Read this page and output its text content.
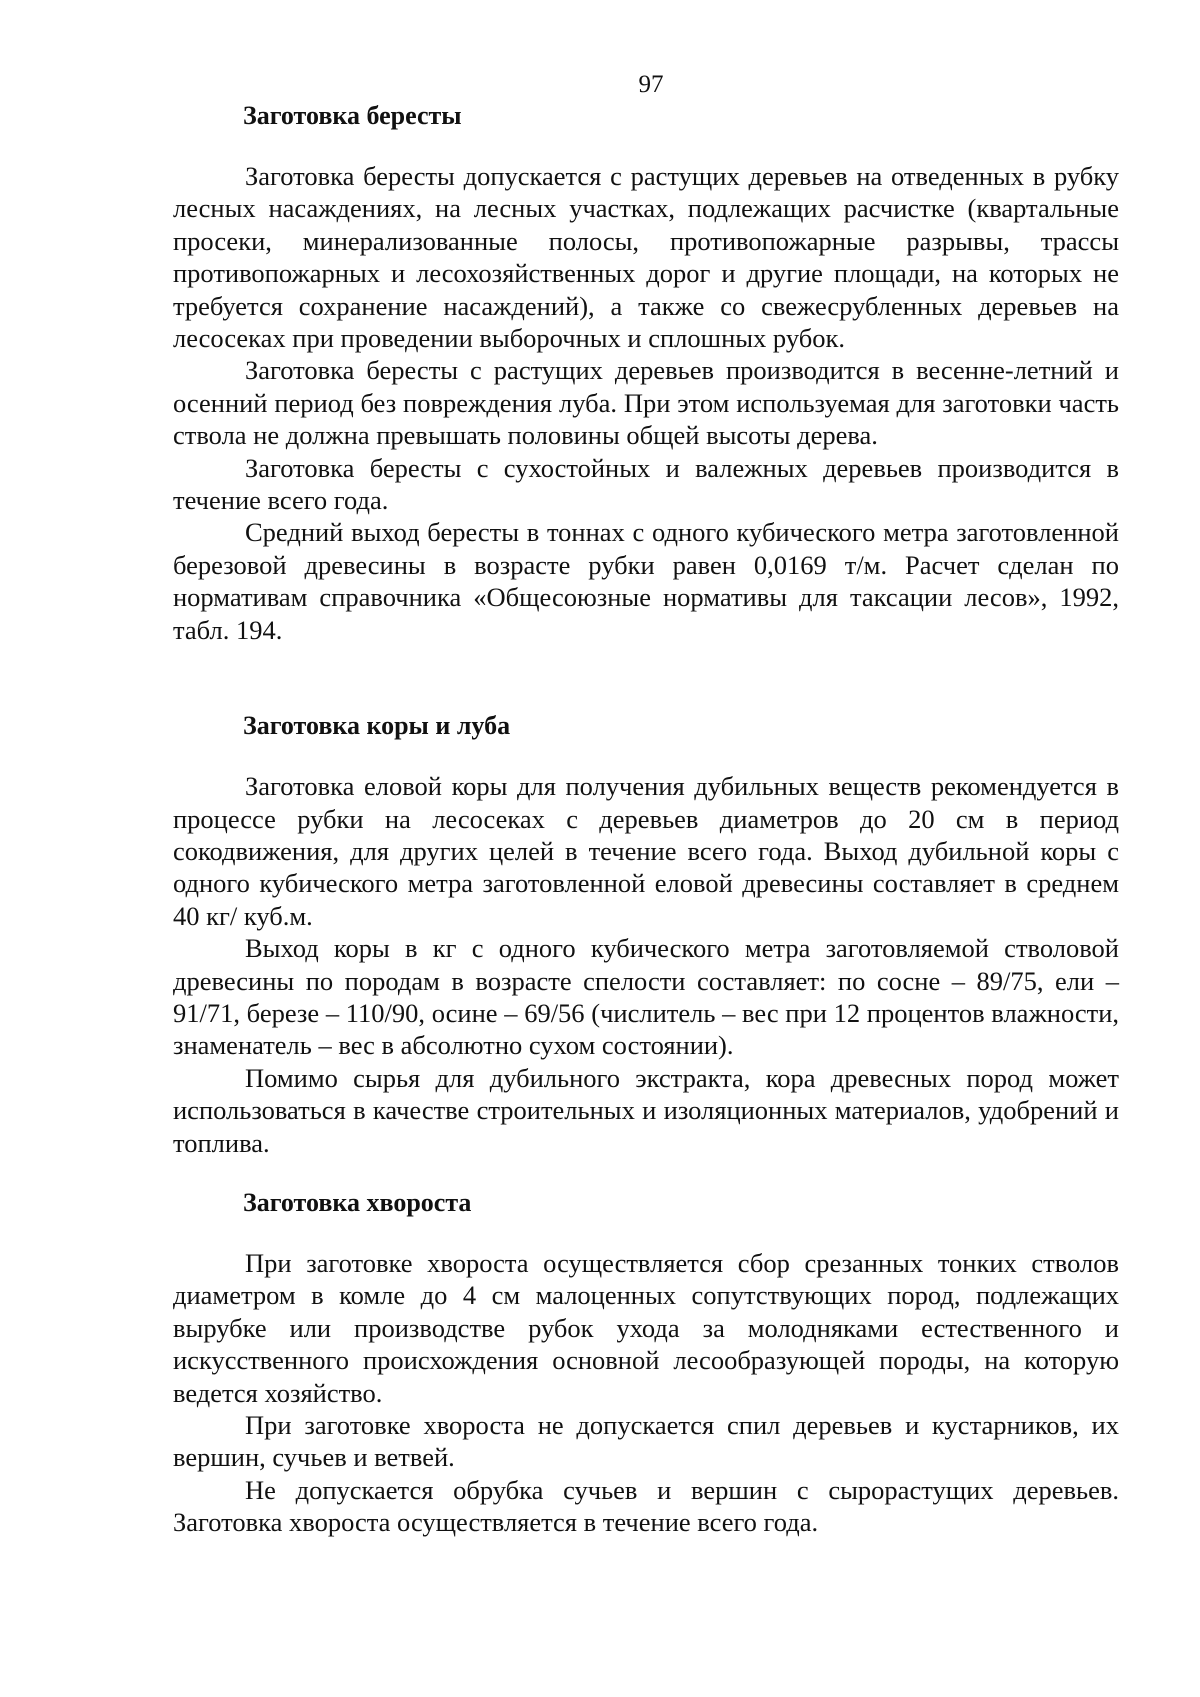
97

Заготовка бересты

Заготовка бересты допускается с растущих деревьев на отведенных в рубку лесных насаждениях, на лесных участках, подлежащих расчистке (квартальные просеки, минерализованные полосы, противопожарные разрывы, трассы противопожарных и лесохозяйственных дорог и другие площади, на которых не требуется сохранение насаждений), а также со свежесрубленных деревьев на лесосеках при проведении выборочных и сплошных рубок.

Заготовка бересты с растущих деревьев производится в весенне-летний и осенний период без повреждения луба. При этом используемая для заготовки часть ствола не должна превышать половины общей высоты дерева.

Заготовка бересты с сухостойных и валежных деревьев производится в течение всего года.

Средний выход бересты в тоннах с одного кубического метра заготовленной березовой древесины в возрасте рубки равен 0,0169 т/м. Расчет сделан по нормативам справочника «Общесоюзные нормативы для таксации лесов», 1992, табл. 194.

Заготовка коры и луба

Заготовка еловой коры для получения дубильных веществ рекомендуется в процессе рубки на лесосеках с деревьев диаметров до 20 см в период сокодвижения, для других целей в течение всего года. Выход дубильной коры с одного кубического метра заготовленной еловой древесины составляет в среднем 40 кг/ куб.м.

Выход коры в кг с одного кубического метра заготовляемой стволовой древесины по породам в возрасте спелости составляет: по сосне – 89/75, ели – 91/71, березе – 110/90, осине – 69/56 (числитель – вес при 12 процентов влажности, знаменатель – вес в абсолютно сухом состоянии).

Помимо сырья для дубильного экстракта, кора древесных пород может использоваться в качестве строительных и изоляционных материалов, удобрений и топлива.

Заготовка хвороста

При заготовке хвороста осуществляется сбор срезанных тонких стволов диаметром в комле до 4 см малоценных сопутствующих пород, подлежащих вырубке или производстве рубок ухода за молодняками естественного и искусственного происхождения основной лесообразующей породы, на которую ведется хозяйство.

При заготовке хвороста не допускается спил деревьев и кустарников, их вершин, сучьев и ветвей.

Не допускается обрубка сучьев и вершин с сырорастущих деревьев. Заготовка хвороста осуществляется в течение всего года.
